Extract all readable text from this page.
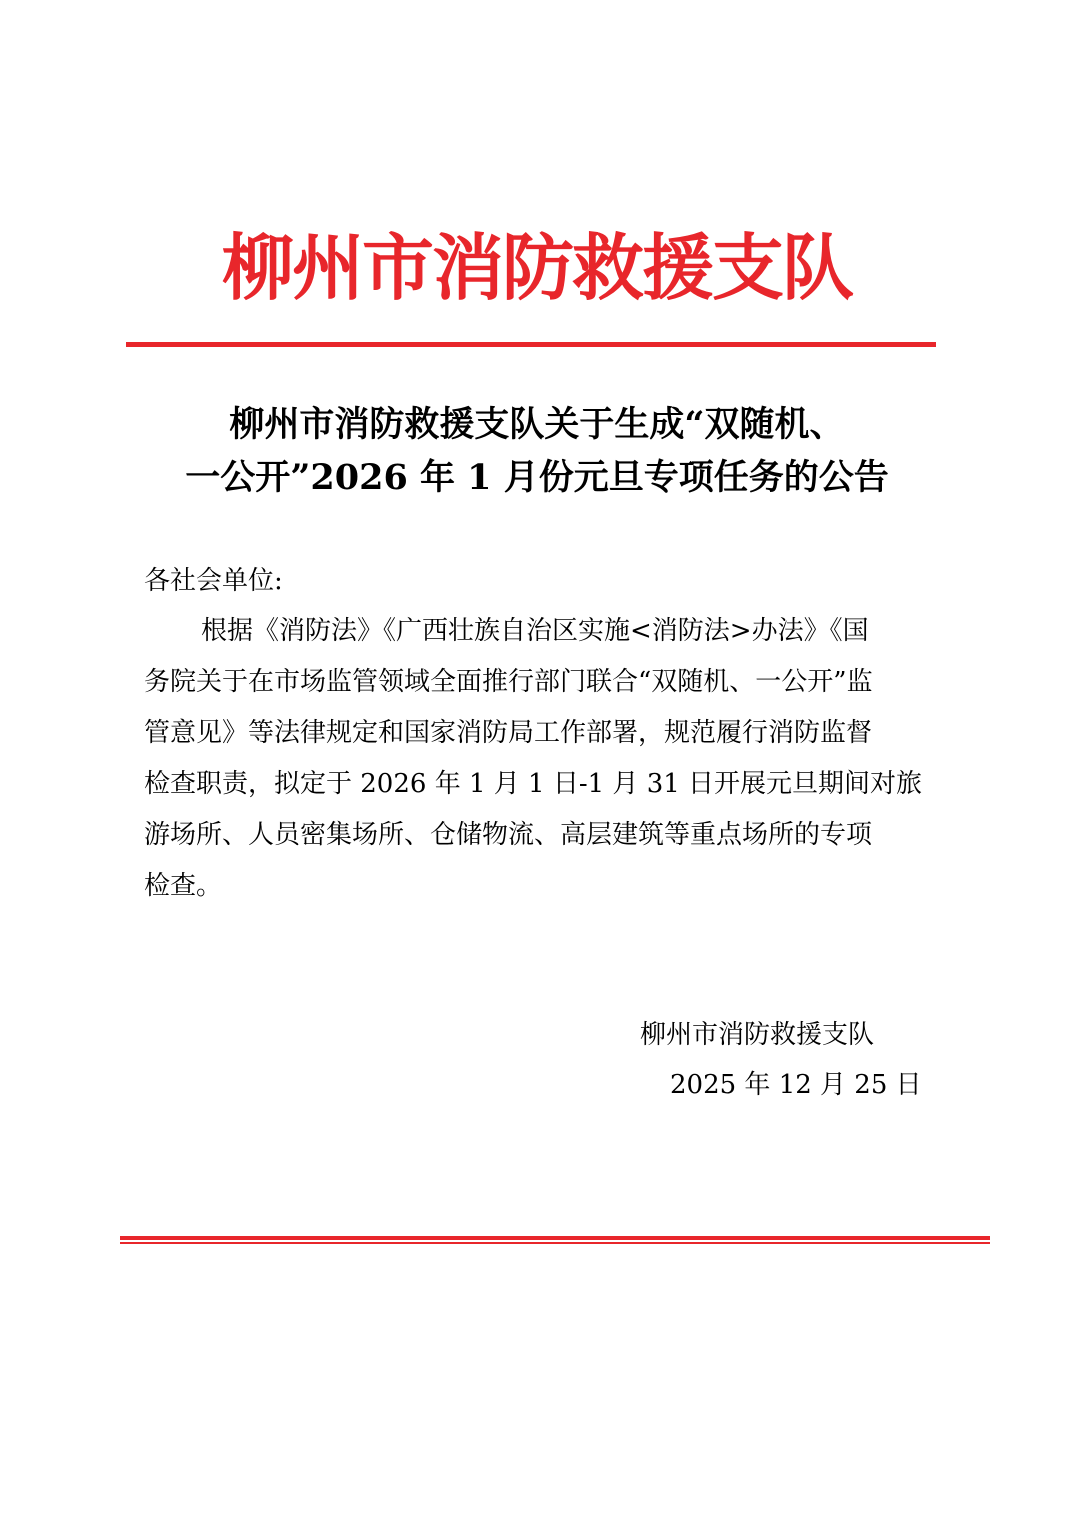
柳州市消防救援支队
柳州市消防救援支队关于生成“双随机、
一公开”2026 年 1 月份元旦专项任务的公告
各社会单位:
根据《消防法》《广西壮族自治区实施<消防法>办法》《国
务院关于在市场监管领域全面推行部门联合“双随机、一公开”监
管意见》等法律规定和国家消防局工作部署，规范履行消防监督
检查职责，拟定于 2026 年 1 月 1 日-1 月 31 日开展元旦期间对旅
游场所、人员密集场所、仓储物流、高层建筑等重点场所的专项
检查。
柳州市消防救援支队
2025 年 12 月 25 日
